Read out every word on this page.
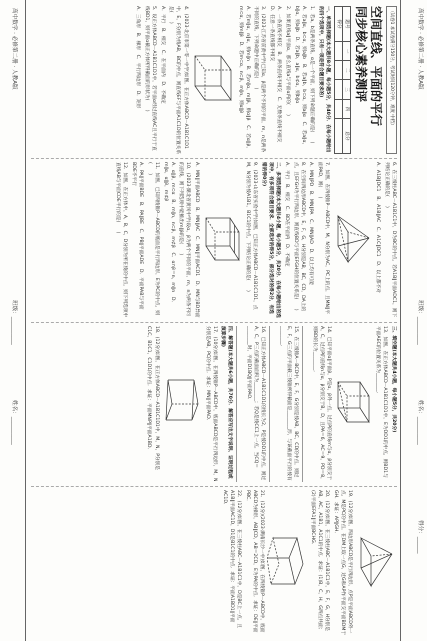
高中数学 · 必修第二册 · 人教A版
班级：__________
姓名：__________
得分：______
（试卷1 本试卷满分150分，考试时间120分钟，难度 中档）

空间直线、平面的平行
同步核心素养测评

题号	一	二	三	四	总分
得分					

一、单项选择题(本大题共8小题，每小题5分，共40分．在每小题给出的四个选项中，只有一项是符合题目要求的)

1．若a，b是两条直线，α是一个平面，则下列命题正确的是(　　)

A．若a∥α，b⊂α，则a∥b　B．若a∥b，b⊂α，则a∥α　C．若a∥α，b∥α，则a∥b　D．若a∥b，a∥α，b⊄α，则b∥α

2．如果直线a∥平面α，那么直线a与平面α内的(　　)

A．一条直线不相交　B．两条直线不相交　C．无数条直线不相交　D．任意一条直线都不相交

3．(2023·江苏省前黄中学)已知α，β是两个不同的平面，m，n是两条不同的直线，下列命题中正确的是(　　)

A．若m∥α，n∥α，则m∥n　B．若m∥α，m∥β，则α∥β　C．若α∥β，m⊂α，则m∥β　D．若m⊂α，n⊂β，m∥n，则α∥β

4．(2023·北京市第一零一中学)如图，在正方体ABCD－A1B1C1D1中，E，F分别为棱AB，BC的中点，则直线EF与平面A1C1D的位置关系是(　　)

A．平行　B．相交　C．在平面内　D．不确定

5．设正方体ABCD－A1B1C1D1中，若平面α经过直线AC且平行于直线BD1，则平面α截正方体所得截面的形状为(　　)

A．三角形　B．梯形　C．平行四边形　D．矩形

6．在三棱柱ABC－A1B1C1中，D为BC的中点，若A1B∥平面ADC1，则下列结论正确的是(　　)

A．A1B∥DC1　B．A1B∥AC　C．A1C∥DC1　D．以上都不对

7．如图，在四棱锥P－ABCD中，M，N分别为AC，PC上的点，且MN∥平面PAD，则(　　)

A．MN∥PD　B．MN∥PA　C．MN∥AD　D．以上均有可能

8．在空间四边形ABCD中，E，F，G，H分别是AB，BC，CD，DA上的点，且EFGH为平行四边形，则直线BD与平面EFGH的位置关系是(　　)

A．平行　B．相交　C．BD在平面内　D．不确定

二、多项选择题(本大题共4小题，每小题5分，共20分．在每小题给出的选项中，有多项符合题目要求．全部选对的得5分，部分选对的得2分，有选错的得0分)

9．(2023·山东省实验中学)如图，已知正方体ABCD－A1B1C1D1，点M，N分别为棱A1B1，B1C1的中点，下列结论正确的是(　　)

A．MN∥平面ABCD　B．MN∥AC　C．MN∥平面ACD1　D．MN与BD异面

10．(2023·湖北省黄冈中学)设α，β为两个不同的平面，m，n为两条不同的直线，则下列选项中能推出m∥β的是(　　)

A．α∥β，m⊂α　B．m∥n，n⊂β，m⊄β　C．α∩β＝n，m∥n　D．m∥α，α∥β，m⊄β

11．如图，已知四棱锥P－ABCD的底面是平行四边形，E为PC的中点，则(　　)

A．PA∥平面BDE　B．PA∥BE　C．PB∥平面ADE　D．平面PAB与平面BDE不平行

12．如图，在正方体中，A，B，C，D分别为所在棱的中点，则下列选项中直线AB与平面CDE平行的是(　　)

三、填空题(本大题共4小题，每小题5分，共20分)

13．如图，在正方体ABCD－A1B1C1D1中，E为DD1的中点，则BD1与平面AEC的位置关系为________．

14．已知平面α∥平面β，P是α，β外一点，过点P的直线m与α，β分别交于A，C，过点P的直线n与α，β分别交于B，D，且PA＝6，AC＝9，PD＝8，则BD的长为________．

15．在三棱锥A－BCD中，E，F，G分别是棱AB，BC，CD的中点，则过E，F，G三点的平面截三棱锥所得截面是________形，与该截面平行的棱有________．

16．已知正方体ABCD－A1B1C1D1的棱长为2，P是棱DD1的中点，则过A，C，P三点的截面面积为________；若Q是棱CC1上一点，当CQ＝________时，平面D1BQ∥平面PAO．

四、解答题(本大题共6小题，共70分．解答应写出文字说明、证明过程或演算步骤)

17．(10分)如图，在四棱锥P－ABCD中，底面ABCD是平行四边形，M，N分别是AB，PC的中点．求证：MN∥平面PAD．

18．(12分)如图，在正方体ABCD－A1B1C1D1中，M，N，P分别是C1C，B1C1，C1D1的中点．求证：平面MNP∥平面A1BD．

19．(12分)如图，四边形ABCD是平行四边形，点P是平面ABCD外一点，M是PC的中点，在DM上取一点G，过G和AP作平面交平面BDM于GH．求证：AP∥GH．

20．(12分)如图，在三棱柱ABC－A1B1C1中，E，F，G，H分别是AB，AC，A1B1，A1C1的中点．求证：(1)B，C，H，G四点共面；(2)平面EFA1∥平面BCHG．

21．(12分)(2023·湖南长沙一中)如图，在四棱锥P－ABCD中，底面ABCD为梯形，AB∥CD，AB＝2CD，E为PA的中点．求证：DE∥平面PBC．

22．(12分)如图，在三棱柱ABC－A1B1C1中，D是BC上一点，且A1B∥平面AC1D，D1是B1C1的中点．求证：平面A1BD1∥平面AC1D．

高中数学 · 必修第二册 · 人教A版
班级：__________
姓名：__________
